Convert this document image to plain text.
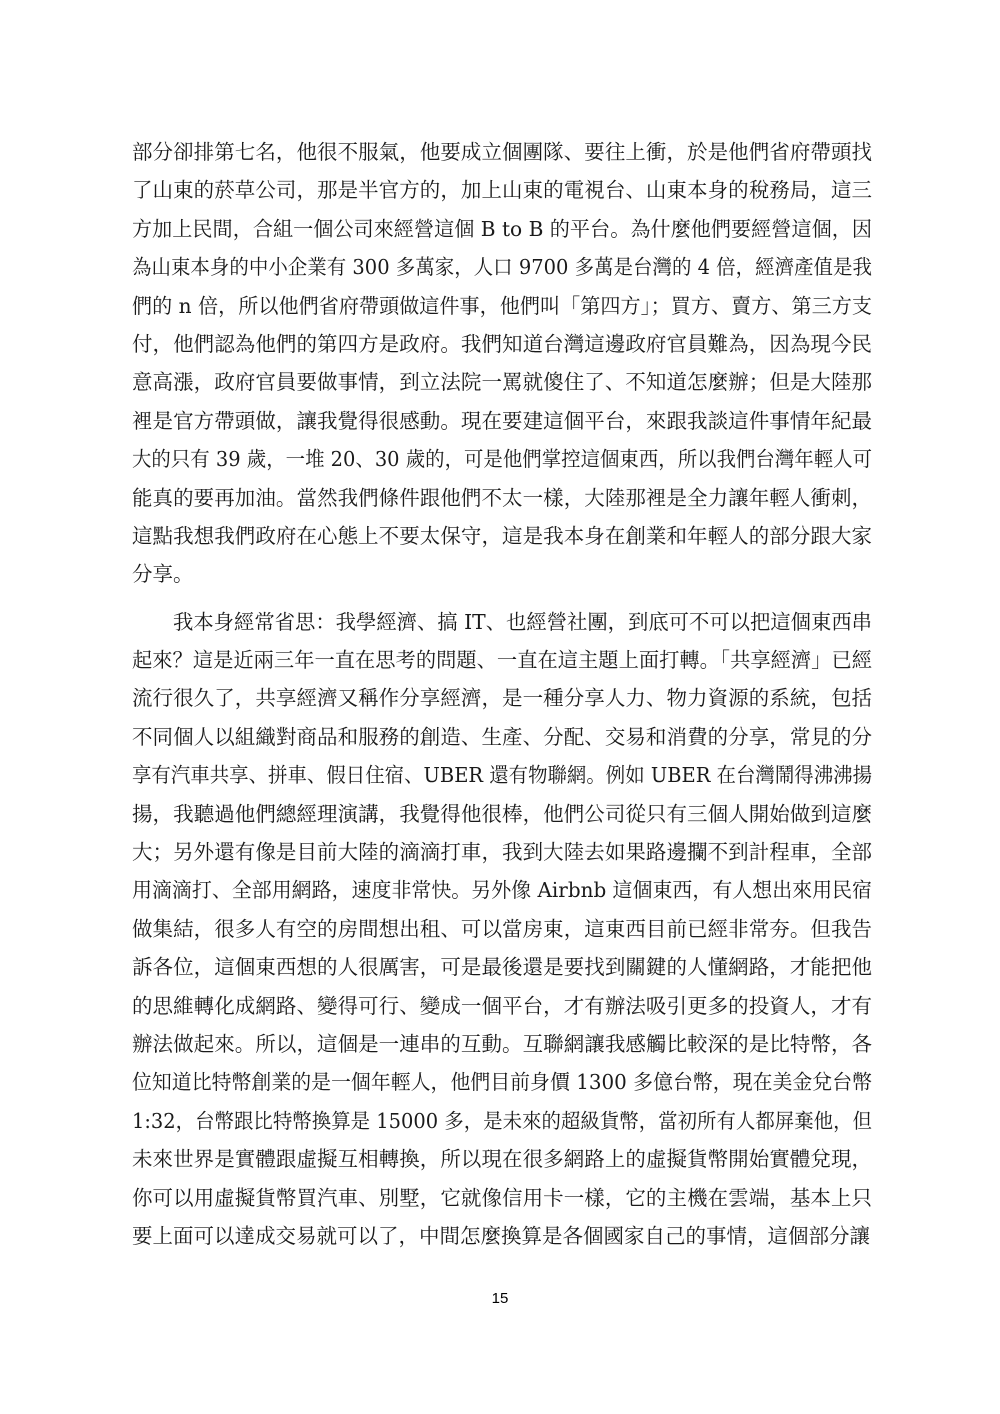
部分卻排第七名，他很不服氣，他要成立個團隊、要往上衝，於是他們省府帶頭找
了山東的菸草公司，那是半官方的，加上山東的電視台、山東本身的稅務局，這三
方加上民間，合組一個公司來經營這個 B to B 的平台。為什麼他們要經營這個，因
為山東本身的中小企業有 300 多萬家，人口 9700 多萬是台灣的 4 倍，經濟產值是我
們的 n 倍，所以他們省府帶頭做這件事，他們叫「第四方」；買方、賣方、第三方支
付，他們認為他們的第四方是政府。我們知道台灣這邊政府官員難為，因為現今民
意高漲，政府官員要做事情，到立法院一罵就傻住了、不知道怎麼辦；但是大陸那
裡是官方帶頭做，讓我覺得很感動。現在要建這個平台，來跟我談這件事情年紀最
大的只有 39 歲，一堆 20、30 歲的，可是他們掌控這個東西，所以我們台灣年輕人可
能真的要再加油。當然我們條件跟他們不太一樣，大陸那裡是全力讓年輕人衝刺，
這點我想我們政府在心態上不要太保守，這是我本身在創業和年輕人的部分跟大家
分享。
我本身經常省思：我學經濟、搞 IT、也經營社團，到底可不可以把這個東西串
起來？這是近兩三年一直在思考的問題、一直在這主題上面打轉。「共享經濟」已經
流行很久了，共享經濟又稱作分享經濟，是一種分享人力、物力資源的系統，包括
不同個人以組織對商品和服務的創造、生產、分配、交易和消費的分享，常見的分
享有汽車共享、拼車、假日住宿、UBER 還有物聯網。例如 UBER 在台灣鬧得沸沸揚
揚，我聽過他們總經理演講，我覺得他很棒，他們公司從只有三個人開始做到這麼
大；另外還有像是目前大陸的滴滴打車，我到大陸去如果路邊攔不到計程車，全部
用滴滴打、全部用網路，速度非常快。另外像 Airbnb 這個東西，有人想出來用民宿
做集結，很多人有空的房間想出租、可以當房東，這東西目前已經非常夯。但我告
訴各位，這個東西想的人很厲害，可是最後還是要找到關鍵的人懂網路，才能把他
的思維轉化成網路、變得可行、變成一個平台，才有辦法吸引更多的投資人，才有
辦法做起來。所以，這個是一連串的互動。互聯網讓我感觸比較深的是比特幣，各
位知道比特幣創業的是一個年輕人，他們目前身價 1300 多億台幣，現在美金兌台幣
1:32，台幣跟比特幣換算是 15000 多，是未來的超級貨幣，當初所有人都屏棄他，但
未來世界是實體跟虛擬互相轉換，所以現在很多網路上的虛擬貨幣開始實體兌現，
你可以用虛擬貨幣買汽車、別墅，它就像信用卡一樣，它的主機在雲端，基本上只
要上面可以達成交易就可以了，中間怎麼換算是各個國家自己的事情，這個部分讓
15
